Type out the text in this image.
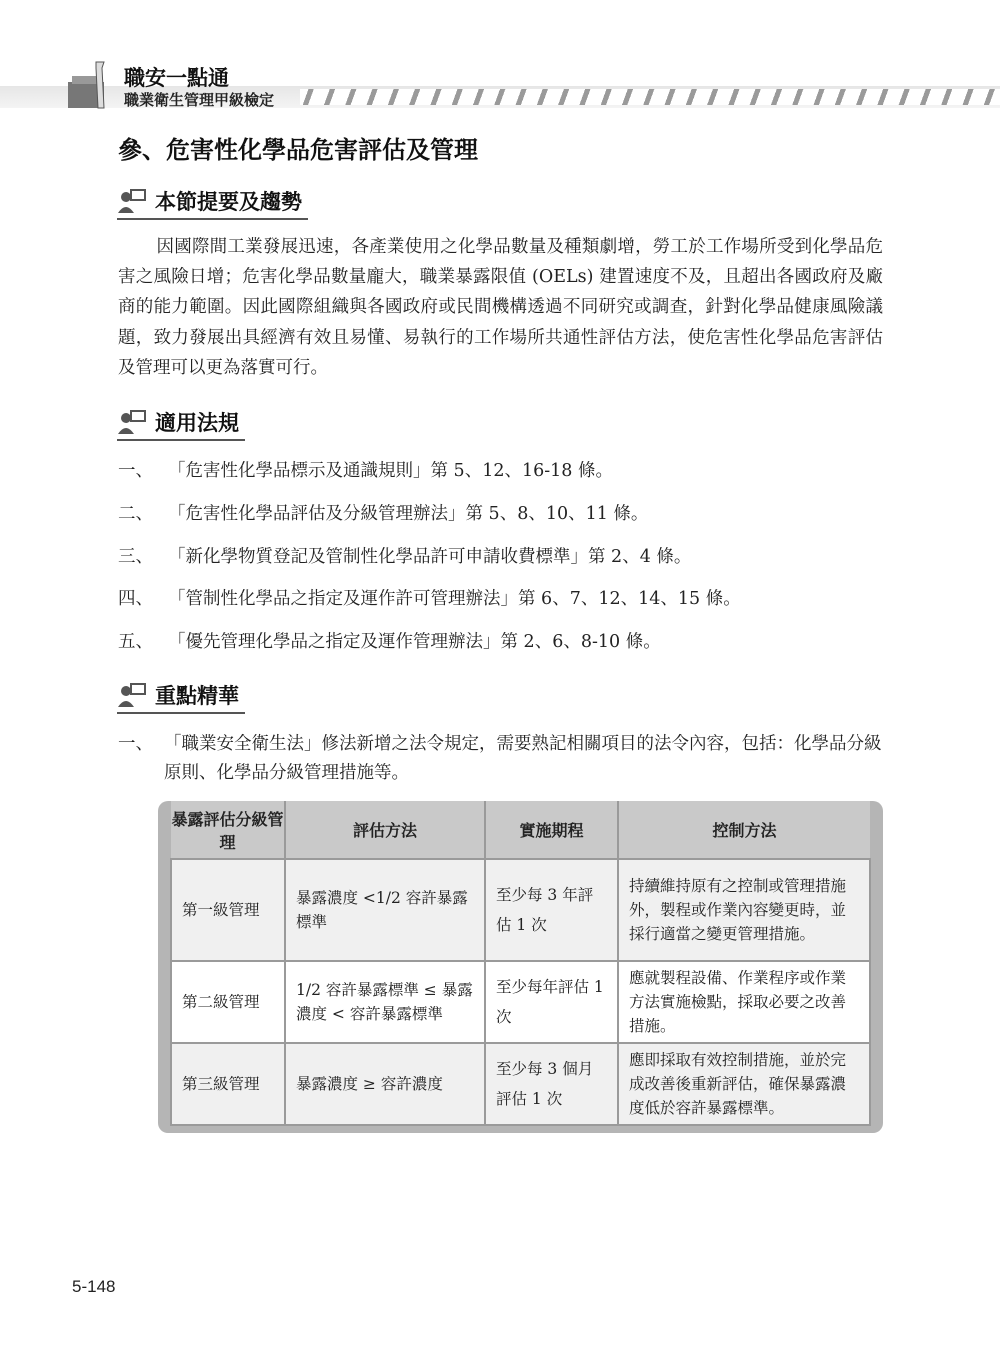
職安一點通
職業衛生管理甲級檢定
參、危害性化學品危害評估及管理
本節提要及趨勢

因國際間工業發展迅速，各產業使用之化學品數量及種類劇增，勞工於工作場所受到化學品危害之風險日增；危害化學品數量龐大，職業暴露限值 (OELs) 建置速度不及，且超出各國政府及廠商的能力範圍。因此國際組織與各國政府或民間機構透過不同研究或調查，針對化學品健康風險議題，致力發展出具經濟有效且易懂、易執行的工作場所共通性評估方法，使危害性化學品危害評估及管理可以更為落實可行。

適用法規
一、 「危害性化學品標示及通識規則」第 5、12、16-18 條。
二、 「危害性化學品評估及分級管理辦法」第 5、8、10、11 條。
三、 「新化學物質登記及管制性化學品許可申請收費標準」第 2、4 條。
四、 「管制性化學品之指定及運作許可管理辦法」第 6、7、12、14、15 條。
五、 「優先管理化學品之指定及運作管理辦法」第 2、6、8-10 條。
重點精華
一、 「職業安全衛生法」修法新增之法令規定，需要熟記相關項目的法令內容，包括：化學品分級原則、化學品分級管理措施等。
暴露評估分級管理	評估方法	實施期程	控制方法
第一級管理	暴露濃度 <1/2 容許暴露標準	至少每 3 年評估 1 次	持續維持原有之控制或管理措施外，製程或作業內容變更時，並採行適當之變更管理措施。
第二級管理	1/2 容許暴露標準 ≤ 暴露濃度 < 容許暴露標準	至少每年評估 1 次	應就製程設備、作業程序或作業方法實施檢點，採取必要之改善措施。
第三級管理	暴露濃度 ≥ 容許濃度	至少每 3 個月評估 1 次	應即採取有效控制措施，並於完成改善後重新評估，確保暴露濃度低於容許暴露標準。
5-148
